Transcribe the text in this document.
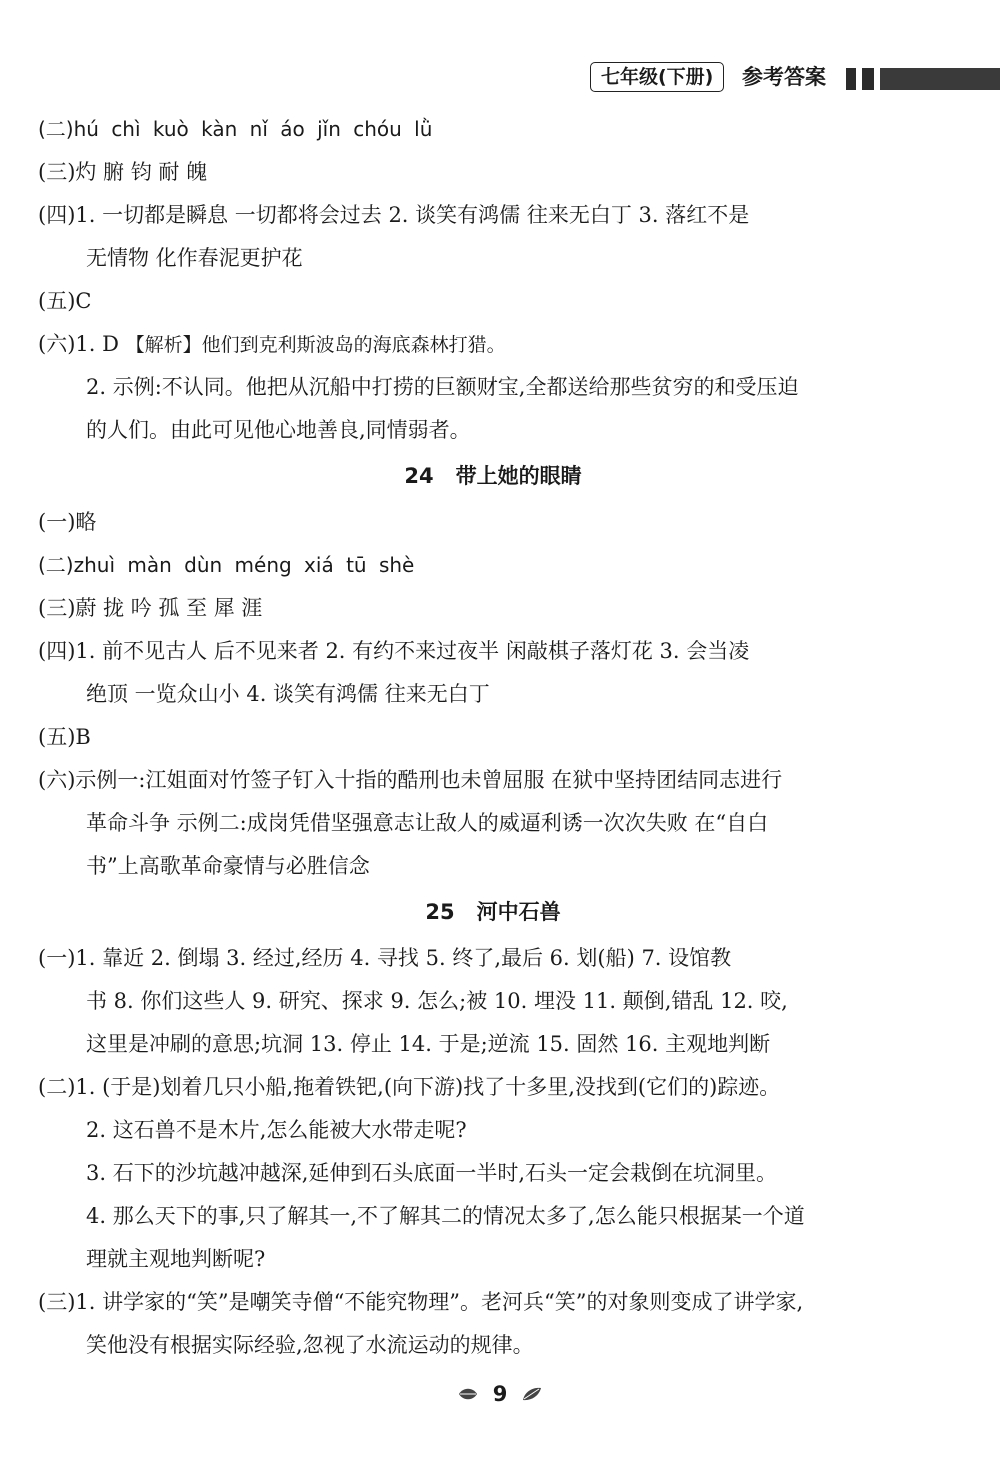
七年级(下册)	参考答案
(二)hú chì kuò kàn nǐ áo jǐn chóu lǜ
(三)灼 腑 钧 耐 魄
(四)1. 一切都是瞬息 一切都将会过去 2. 谈笑有鸿儒 往来无白丁 3. 落红不是
无情物 化作春泥更护花
(五)C
(六)1. D 【解析】他们到克利斯波岛的海底森林打猎。
2. 示例:不认同。他把从沉船中打捞的巨额财宝,全都送给那些贫穷的和受压迫
的人们。由此可见他心地善良,同情弱者。
24 带上她的眼睛
(一)略
(二)zhuì màn dùn méng xiá tū shè
(三)蔚 拢 吟 孤 至 犀 涯
(四)1. 前不见古人 后不见来者 2. 有约不来过夜半 闲敲棋子落灯花 3. 会当凌
绝顶 一览众山小 4. 谈笑有鸿儒 往来无白丁
(五)B
(六)示例一:江姐面对竹签子钉入十指的酷刑也未曾屈服 在狱中坚持团结同志进行
革命斗争 示例二:成岗凭借坚强意志让敌人的威逼利诱一次次失败 在“自白
书”上高歌革命豪情与必胜信念
25 河中石兽
(一)1. 靠近 2. 倒塌 3. 经过,经历 4. 寻找 5. 终了,最后 6. 划(船) 7. 设馆教
书 8. 你们这些人 9. 研究、探求 9. 怎么;被 10. 埋没 11. 颠倒,错乱 12. 咬,
这里是冲刷的意思;坑洞 13. 停止 14. 于是;逆流 15. 固然 16. 主观地判断
(二)1. (于是)划着几只小船,拖着铁钯,(向下游)找了十多里,没找到(它们的)踪迹。
2. 这石兽不是木片,怎么能被大水带走呢?
3. 石下的沙坑越冲越深,延伸到石头底面一半时,石头一定会栽倒在坑洞里。
4. 那么天下的事,只了解其一,不了解其二的情况太多了,怎么能只根据某一个道
理就主观地判断呢?
(三)1. 讲学家的“笑”是嘲笑寺僧“不能究物理”。老河兵“笑”的对象则变成了讲学家,
笑他没有根据实际经验,忽视了水流运动的规律。
9
